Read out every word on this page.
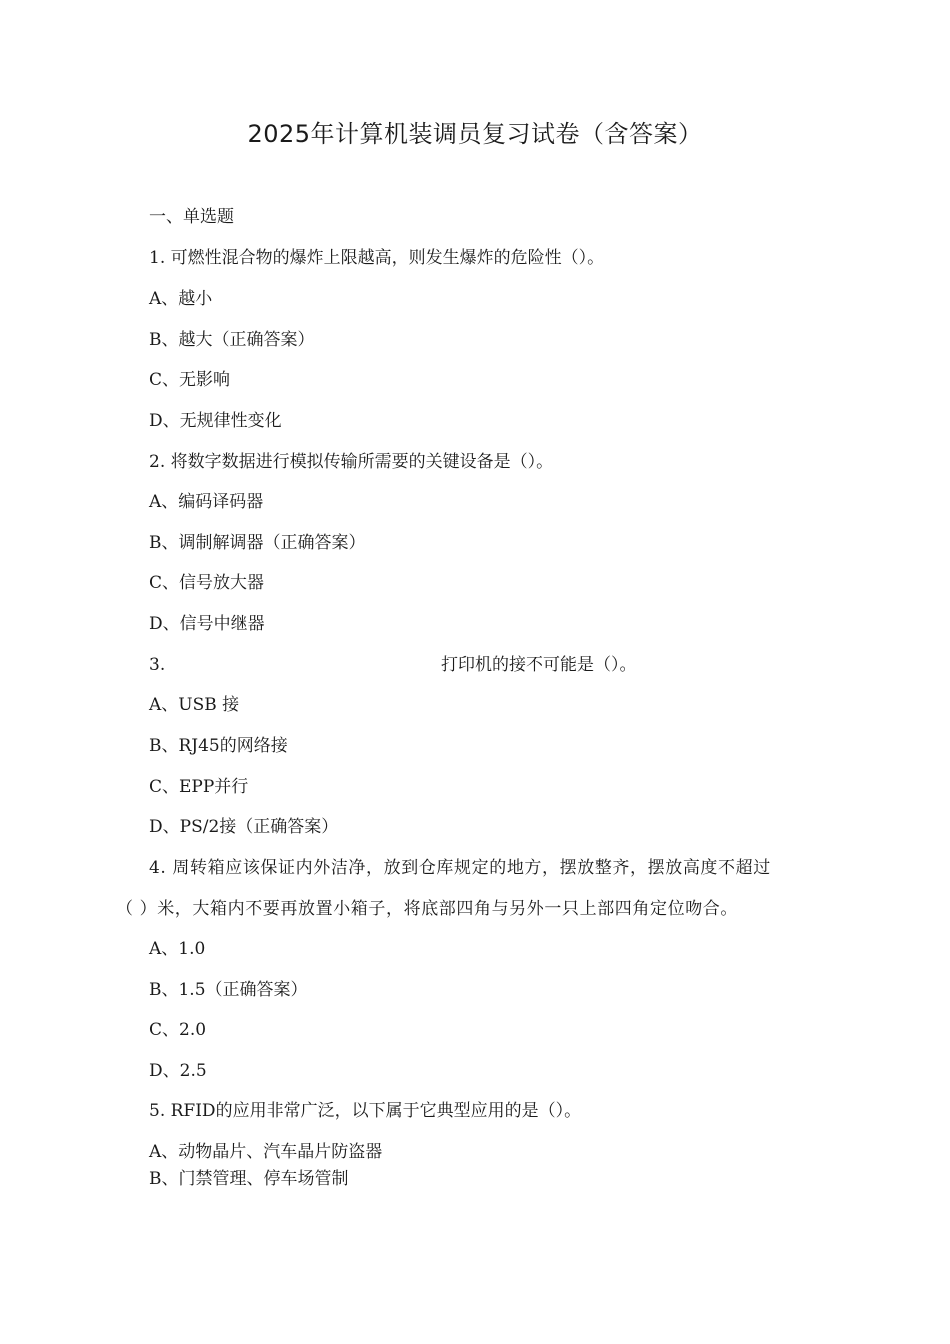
2025年计算机装调员复习试卷（含答案）
一、单选题
1. 可燃性混合物的爆炸上限越高，则发生爆炸的危险性（）。
A、越小
B、越大（正确答案）
C、无影响
D、无规律性变化
2. 将数字数据进行模拟传输所需要的关键设备是（）。
A、编码译码器
B、调制解调器（正确答案）
C、信号放大器
D、信号中继器
3.	打印机的接不可能是（）。
A、USB 接
B、RJ45的网络接
C、EPP并行
D、PS/2接（正确答案）
4. 周转箱应该保证内外洁净，放到仓库规定的地方，摆放整齐，摆放高度不超过
（ ）米，大箱内不要再放置小箱子，将底部四角与另外一只上部四角定位吻合。
A、1.0
B、1.5（正确答案）
C、2.0
D、2.5
5. RFID的应用非常广泛，以下属于它典型应用的是（）。
A、动物晶片、汽车晶片防盗器
B、门禁管理、停车场管制
